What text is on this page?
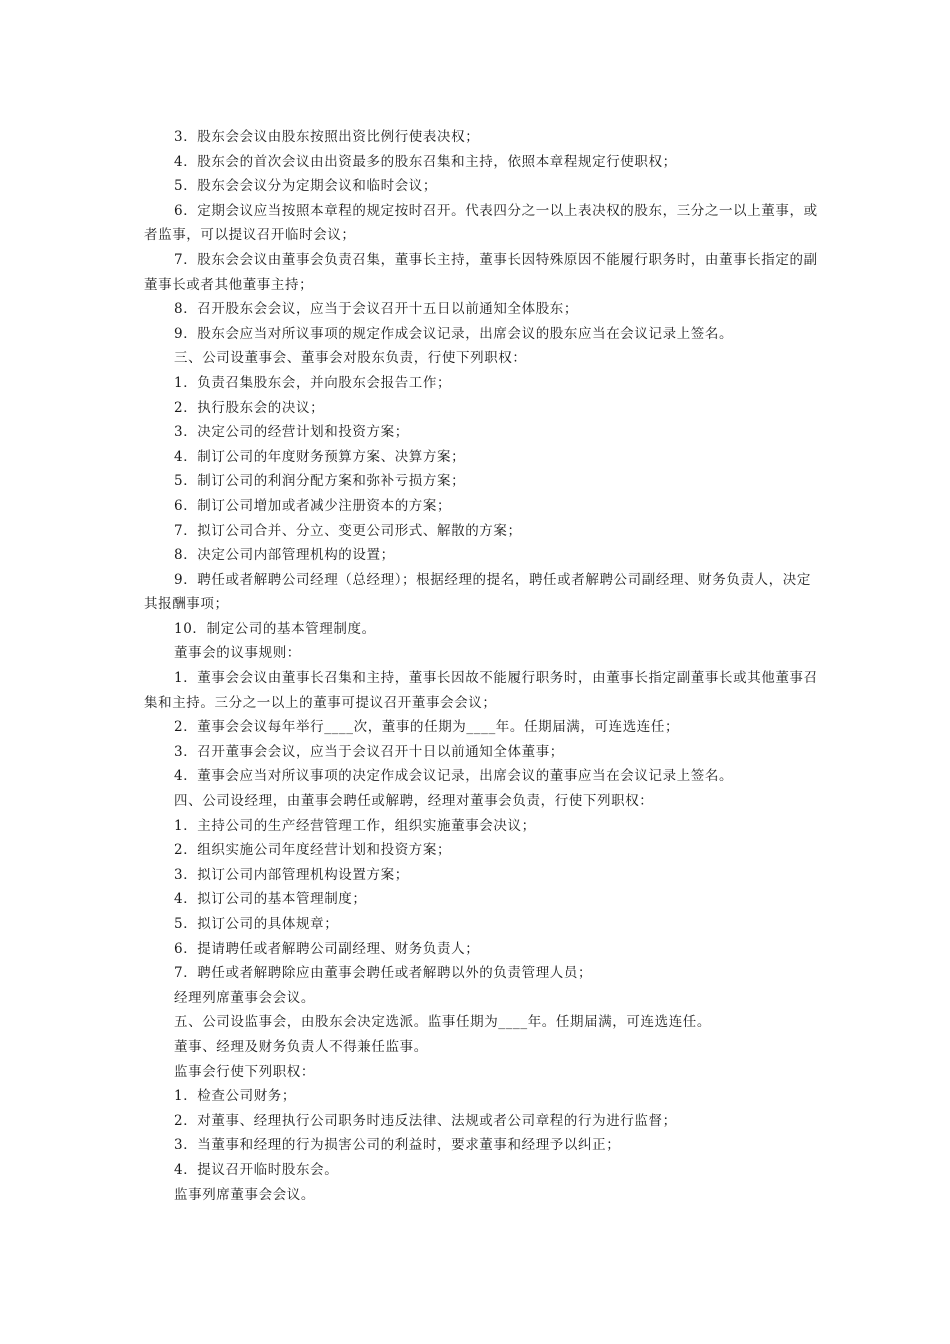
3．股东会会议由股东按照出资比例行使表决权；

4．股东会的首次会议由出资最多的股东召集和主持，依照本章程规定行使职权；

5．股东会会议分为定期会议和临时会议；

6．定期会议应当按照本章程的规定按时召开。代表四分之一以上表决权的股东，三分之一以上董事，或者监事，可以提议召开临时会议；

7．股东会会议由董事会负责召集，董事长主持，董事长因特殊原因不能履行职务时，由董事长指定的副董事长或者其他董事主持；

8．召开股东会会议，应当于会议召开十五日以前通知全体股东；

9．股东会应当对所议事项的规定作成会议记录，出席会议的股东应当在会议记录上签名。

三、公司设董事会、董事会对股东负责，行使下列职权：

1．负责召集股东会，并向股东会报告工作；

2．执行股东会的决议；

3．决定公司的经营计划和投资方案；

4．制订公司的年度财务预算方案、决算方案；

5．制订公司的利润分配方案和弥补亏损方案；

6．制订公司增加或者减少注册资本的方案；

7．拟订公司合并、分立、变更公司形式、解散的方案；

8．决定公司内部管理机构的设置；

9．聘任或者解聘公司经理（总经理）；根据经理的提名，聘任或者解聘公司副经理、财务负责人，决定其报酬事项；

10．制定公司的基本管理制度。

董事会的议事规则：

1．董事会会议由董事长召集和主持，董事长因故不能履行职务时，由董事长指定副董事长或其他董事召集和主持。三分之一以上的董事可提议召开董事会会议；

2．董事会会议每年举行____次，董事的任期为____年。任期届满，可连选连任；

3．召开董事会会议，应当于会议召开十日以前通知全体董事；

4．董事会应当对所议事项的决定作成会议记录，出席会议的董事应当在会议记录上签名。

四、公司设经理，由董事会聘任或解聘，经理对董事会负责，行使下列职权：

1．主持公司的生产经营管理工作，组织实施董事会决议；

2．组织实施公司年度经营计划和投资方案；

3．拟订公司内部管理机构设置方案；

4．拟订公司的基本管理制度；

5．拟订公司的具体规章；

6．提请聘任或者解聘公司副经理、财务负责人；

7．聘任或者解聘除应由董事会聘任或者解聘以外的负责管理人员；

经理列席董事会会议。

五、公司设监事会，由股东会决定选派。监事任期为____年。任期届满，可连选连任。

董事、经理及财务负责人不得兼任监事。

监事会行使下列职权：

1．检查公司财务；

2．对董事、经理执行公司职务时违反法律、法规或者公司章程的行为进行监督；

3．当董事和经理的行为损害公司的利益时，要求董事和经理予以纠正；

4．提议召开临时股东会。

监事列席董事会会议。
